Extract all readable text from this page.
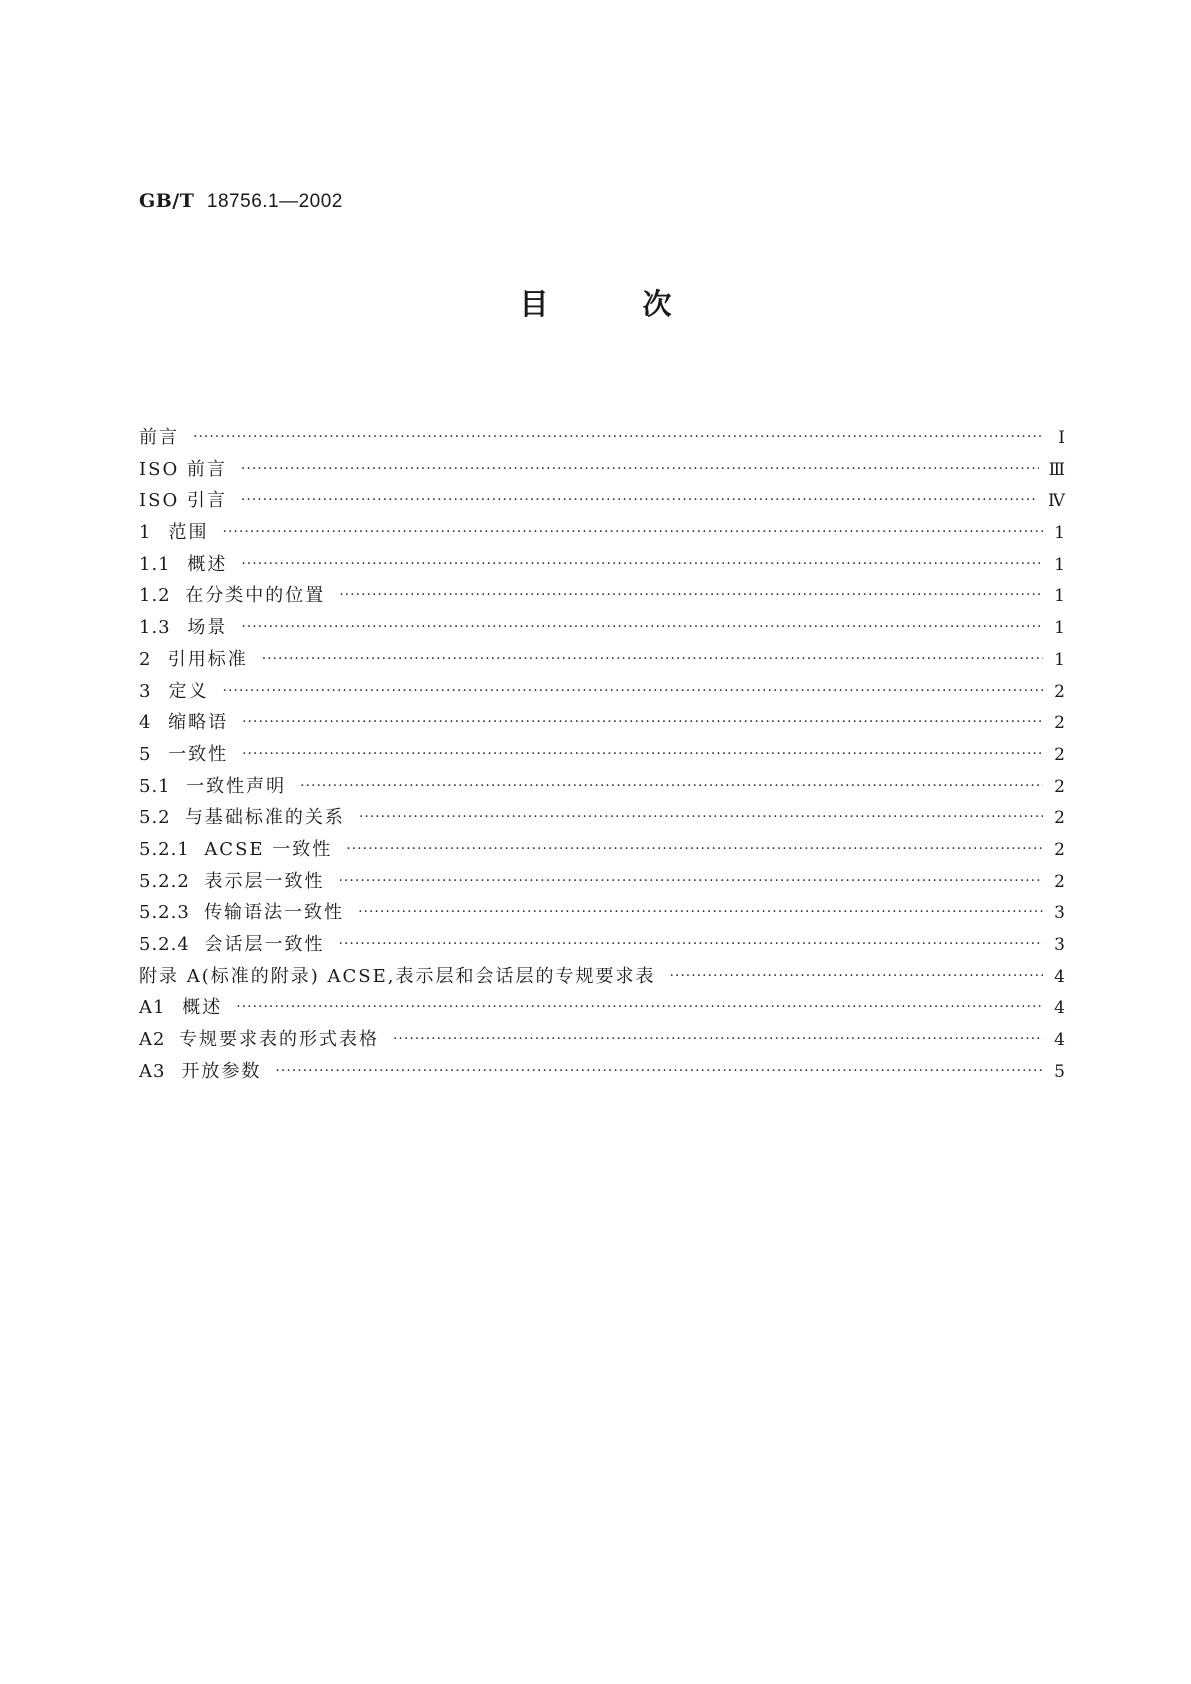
GB/T 18756.1—2002
目次
前言 ·····	Ⅰ
ISO 前言 ·····	Ⅲ
ISO 引言 ·····	Ⅳ
1 范围 ·····	1
1.1 概述 ·····	1
1.2 在分类中的位置 ·····	1
1.3 场景 ·····	1
2 引用标准 ·····	1
3 定义 ·····	2
4 缩略语 ·····	2
5 一致性 ·····	2
5.1 一致性声明 ·····	2
5.2 与基础标准的关系 ·····	2
5.2.1 ACSE 一致性 ·····	2
5.2.2 表示层一致性 ·····	2
5.2.3 传输语法一致性 ·····	3
5.2.4 会话层一致性 ·····	3
附录 A(标准的附录) ACSE,表示层和会话层的专规要求表 ·····	4
A1 概述 ·····	4
A2 专规要求表的形式表格 ·····	4
A3 开放参数 ·····	5
